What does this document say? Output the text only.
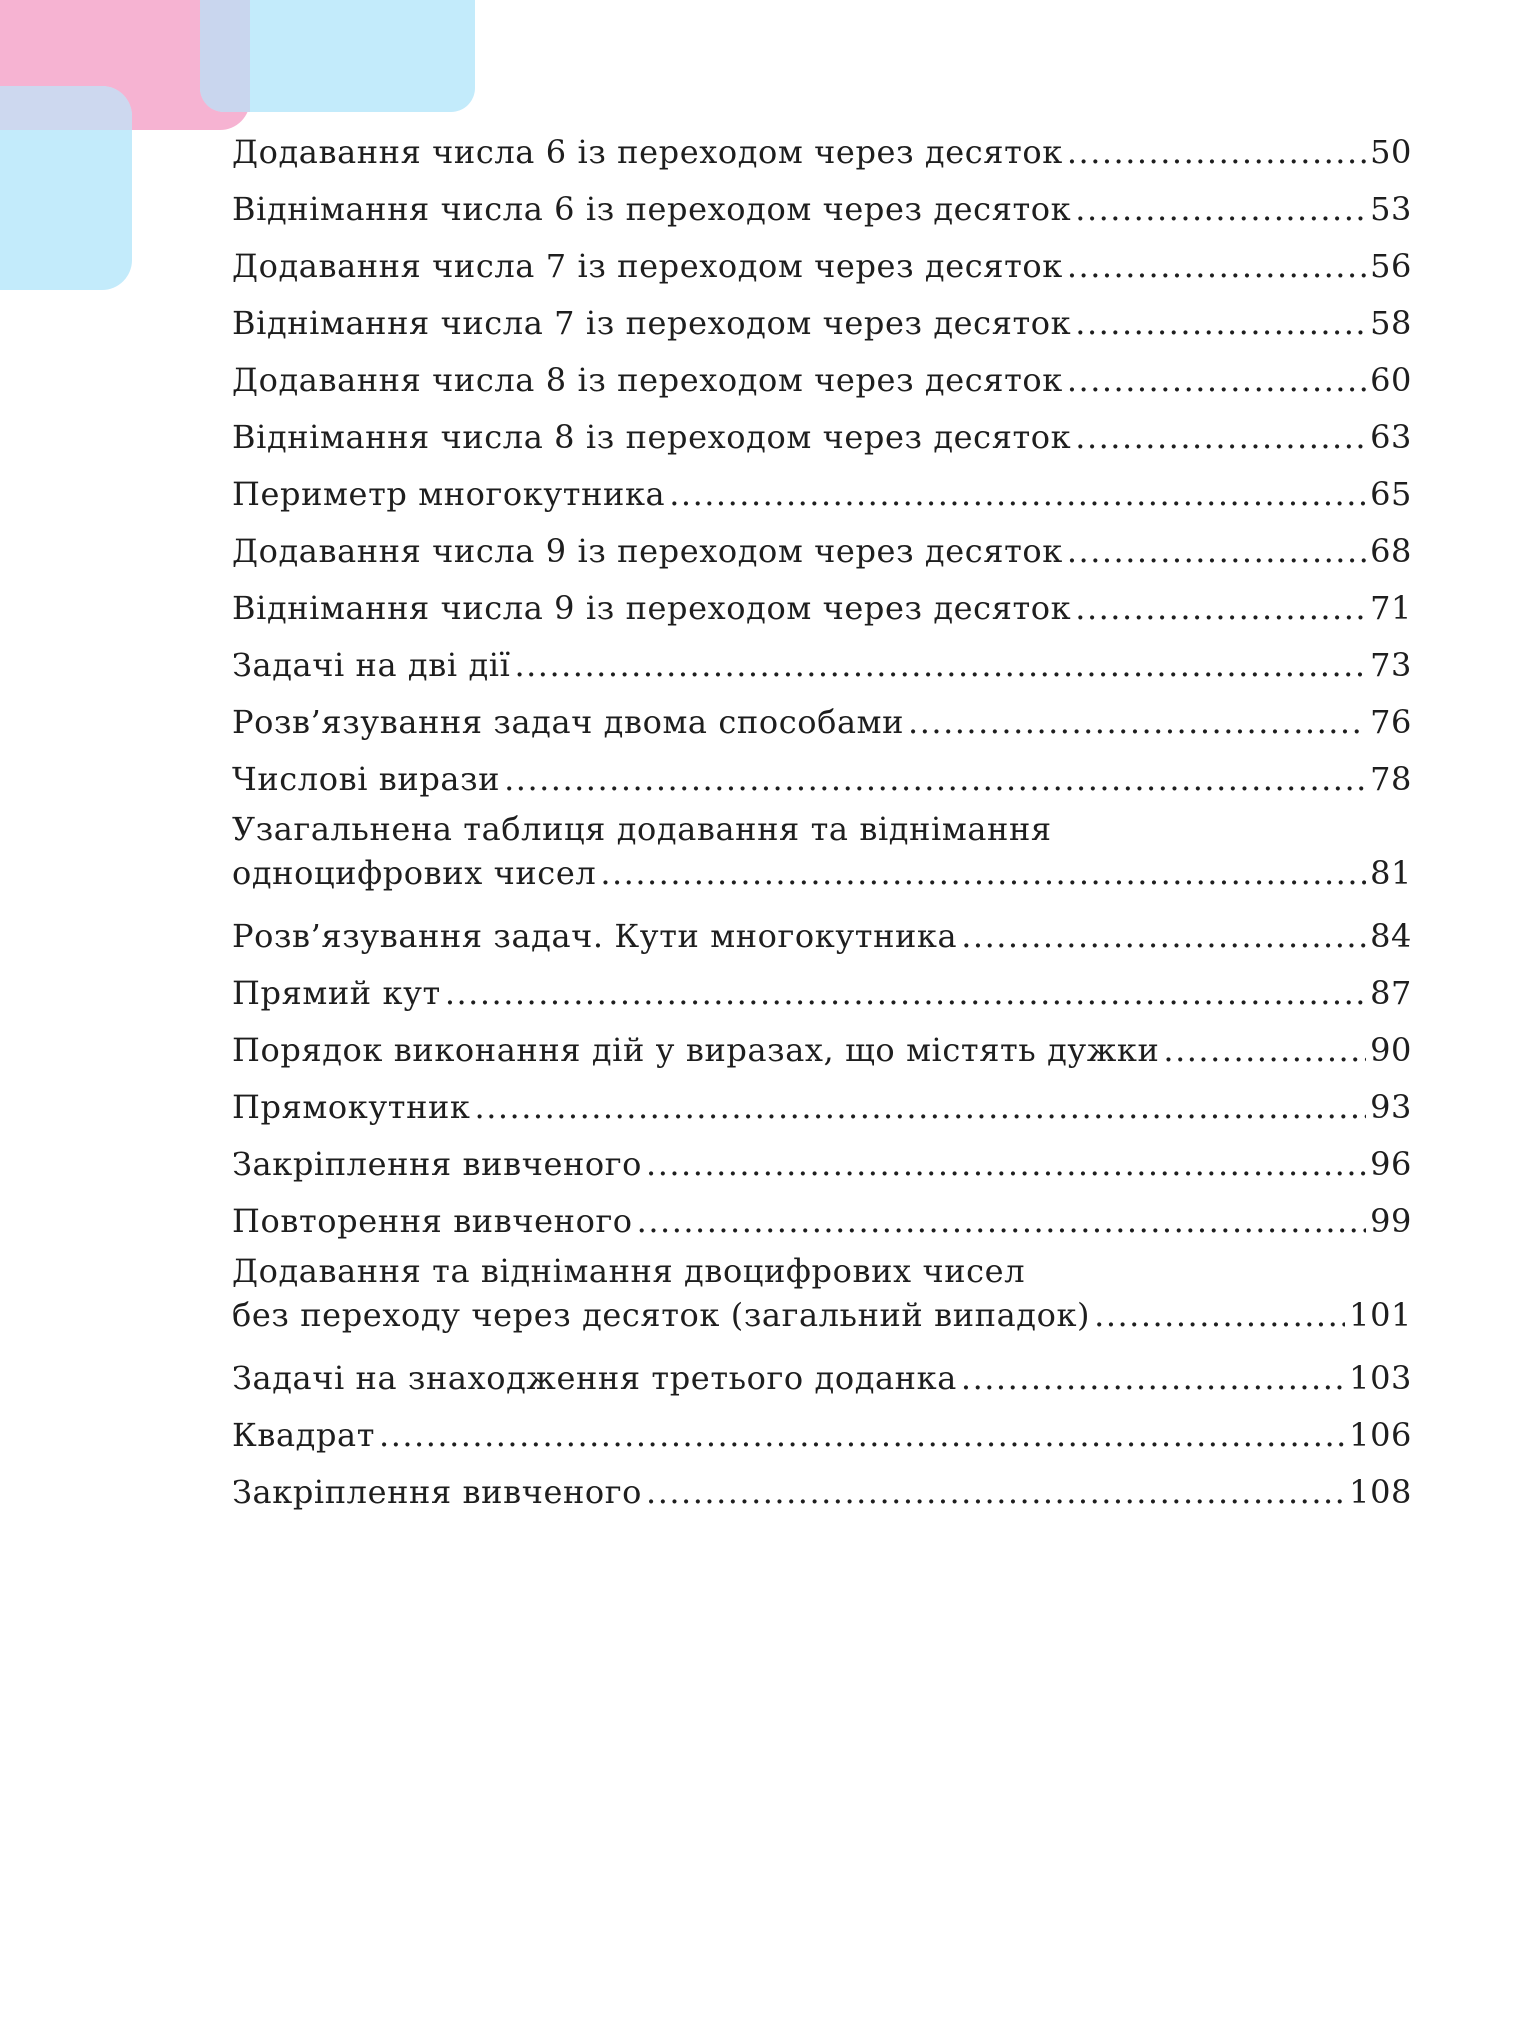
Додавання числа 6 із переходом через десяток .....	50
Віднімання числа 6 із переходом через десяток .....	53
Додавання числа 7 із переходом через десяток .....	56
Віднімання числа 7 із переходом через десяток .....	58
Додавання числа 8 із переходом через десяток .....	60
Віднімання числа 8 із переходом через десяток .....	63
Периметр многокутника .....	65
Додавання числа 9 із переходом через десяток .....	68
Віднімання числа 9 із переходом через десяток .....	71
Задачі на дві дії .....	73
Розв’язування задач двома способами .....	76
Числові вирази .....	78
Узагальнена таблиця додавання та віднімання
одноцифрових чисел .....	81
Розв’язування задач. Кути многокутника .....	84
Прямий кут .....	87
Порядок виконання дій у виразах, що містять дужки .....	90
Прямокутник .....	93
Закріплення вивченого .....	96
Повторення вивченого .....	99
Додавання та віднімання двоцифрових чисел
без переходу через десяток (загальний випадок) .....	101
Задачі на знаходження третього доданка .....	103
Квадрат .....	106
Закріплення вивченого .....	108
